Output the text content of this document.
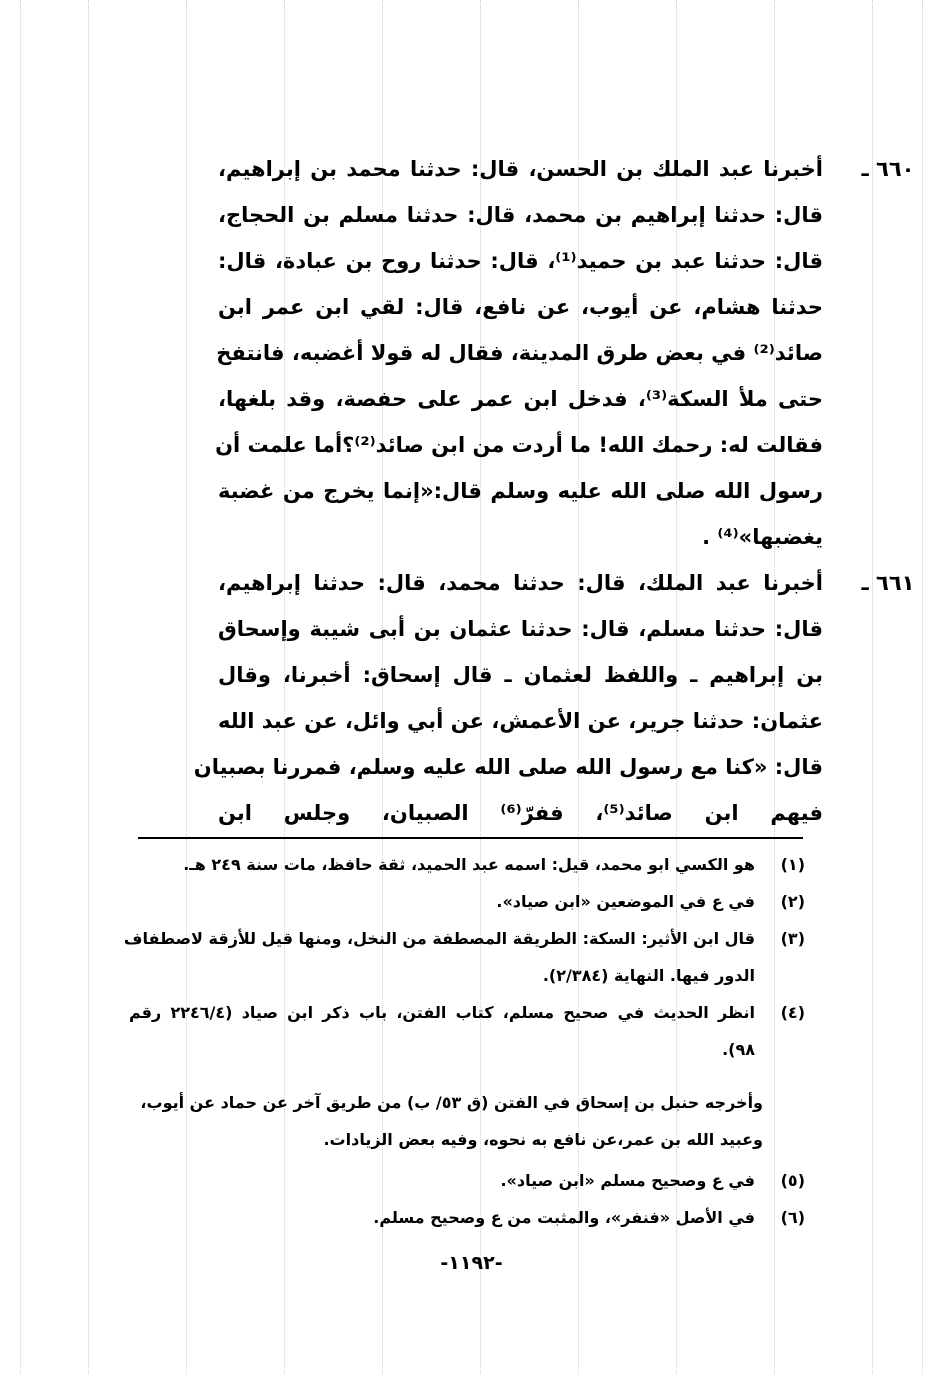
٦٦٠ ـ
أخبرنا عبد الملك بن الحسن، قال: حدثنا محمد بن إبراهيم،
قال: حدثنا إبراهيم بن محمد، قال: حدثنا مسلم بن الحجاج،
قال: حدثنا عبد بن حميد⁽¹⁾، قال: حدثنا روح بن عبادة، قال:
حدثنا هشام، عن أيوب، عن نافع، قال: لقي ابن عمر ابن
صائد⁽²⁾ في بعض طرق المدينة، فقال له قولا أغضبه، فانتفخ
حتى ملأ السكة⁽³⁾، فدخل ابن عمر على حفصة، وقد بلغها،
فقالت له: رحمك الله! ما أردت من ابن صائد⁽²⁾؟أما علمت أن
رسول الله صلى الله عليه وسلم قال:«إنما يخرج من غضبة
يغضبها»⁽⁴⁾ .
٦٦١ ـ
أخبرنا عبد الملك، قال: حدثنا محمد، قال: حدثنا إبراهيم،
قال: حدثنا مسلم، قال: حدثنا عثمان بن أبى شيبة وإسحاق
بن إبراهيم ـ واللفظ لعثمان ـ قال إسحاق: أخبرنا، وقال
عثمان: حدثنا جرير، عن الأعمش، عن أبي وائل، عن عبد الله
قال: «كنا مع رسول الله صلى الله عليه وسلم، فمررنا بصبيان
فيهم ابن صائد⁽⁵⁾، ففرّ⁽⁶⁾ الصبيان، وجلس ابن
(١)
هو الكسي ابو محمد، قيل: اسمه عبد الحميد، ثقة حافظ، مات سنة ٢٤٩ هـ.
(٢)
في ع في الموضعين «ابن صياد».
(٣)
قال ابن الأثير: السكة: الطريقة المصطفة من النخل، ومنها قيل للأزقة لاصطفاف
الدور فيها. النهاية (٢/٣٨٤).
(٤)
انظر الحديث في صحيح مسلم، كتاب الفتن، باب ذكر ابن صياد (٢٢٤٦/٤ رقم
٩٨).
وأخرجه حنبل بن إسحاق في الفتن (ق ٥٣/ ب) من طريق آخر عن حماد عن أيوب،
وعبيد الله بن عمر،عن نافع به نحوه، وفيه بعض الزيادات.
(٥)
في ع وصحيح مسلم «ابن صياد».
(٦)
في الأصل «فنفر»، والمثبت من ع وصحيح مسلم.
-١١٩٢-
